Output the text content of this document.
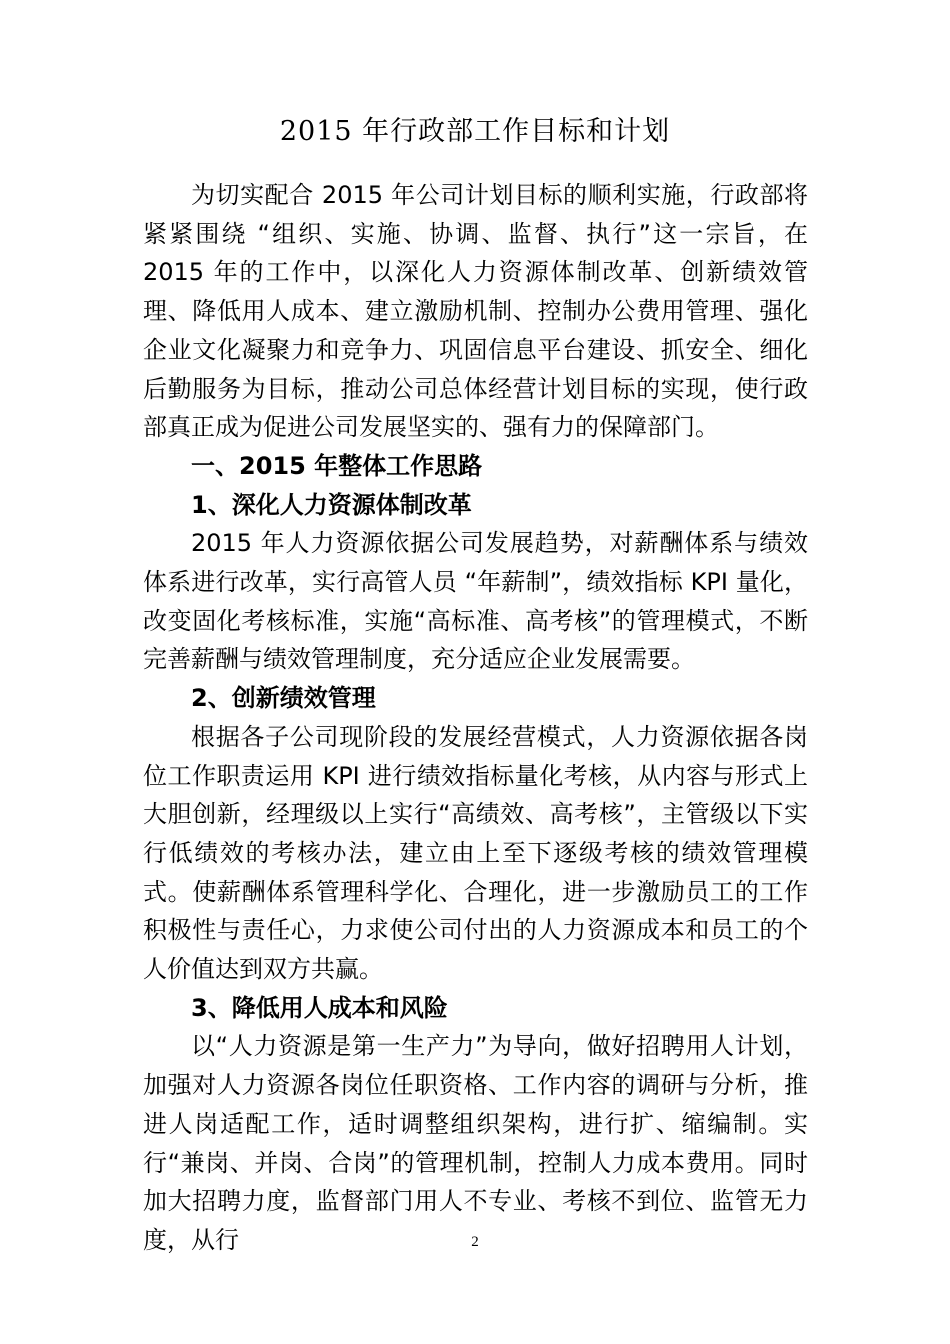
2015 年行政部工作目标和计划

为切实配合 2015 年公司计划目标的顺利实施，行政部将紧紧围绕 “组织、实施、协调、监督、执行”这一宗旨，在 2015 年的工作中，以深化人力资源体制改革、创新绩效管理、降低用人成本、建立激励机制、控制办公费用管理、强化企业文化凝聚力和竞争力、巩固信息平台建设、抓安全、细化后勤服务为目标，推动公司总体经营计划目标的实现，使行政部真正成为促进公司发展坚实的、强有力的保障部门。

一、2015 年整体工作思路
1、深化人力资源体制改革

2015 年人力资源依据公司发展趋势，对薪酬体系与绩效体系进行改革，实行高管人员 “年薪制”，绩效指标 KPI 量化，改变固化考核标准，实施“高标准、高考核”的管理模式，不断完善薪酬与绩效管理制度，充分适应企业发展需要。

2、创新绩效管理

根据各子公司现阶段的发展经营模式，人力资源依据各岗位工作职责运用 KPI 进行绩效指标量化考核，从内容与形式上大胆创新，经理级以上实行“高绩效、高考核”，主管级以下实行低绩效的考核办法，建立由上至下逐级考核的绩效管理模式。使薪酬体系管理科学化、合理化，进一步激励员工的工作积极性与责任心，力求使公司付出的人力资源成本和员工的个人价值达到双方共赢。

3、降低用人成本和风险

以“人力资源是第一生产力”为导向，做好招聘用人计划，加强对人力资源各岗位任职资格、工作内容的调研与分析，推进人岗适配工作，适时调整组织架构，进行扩、缩编制。实行“兼岗、并岗、合岗”的管理机制，控制人力成本费用。同时加大招聘力度，监督部门用人不专业、考核不到位、监管无力度，从行	2
